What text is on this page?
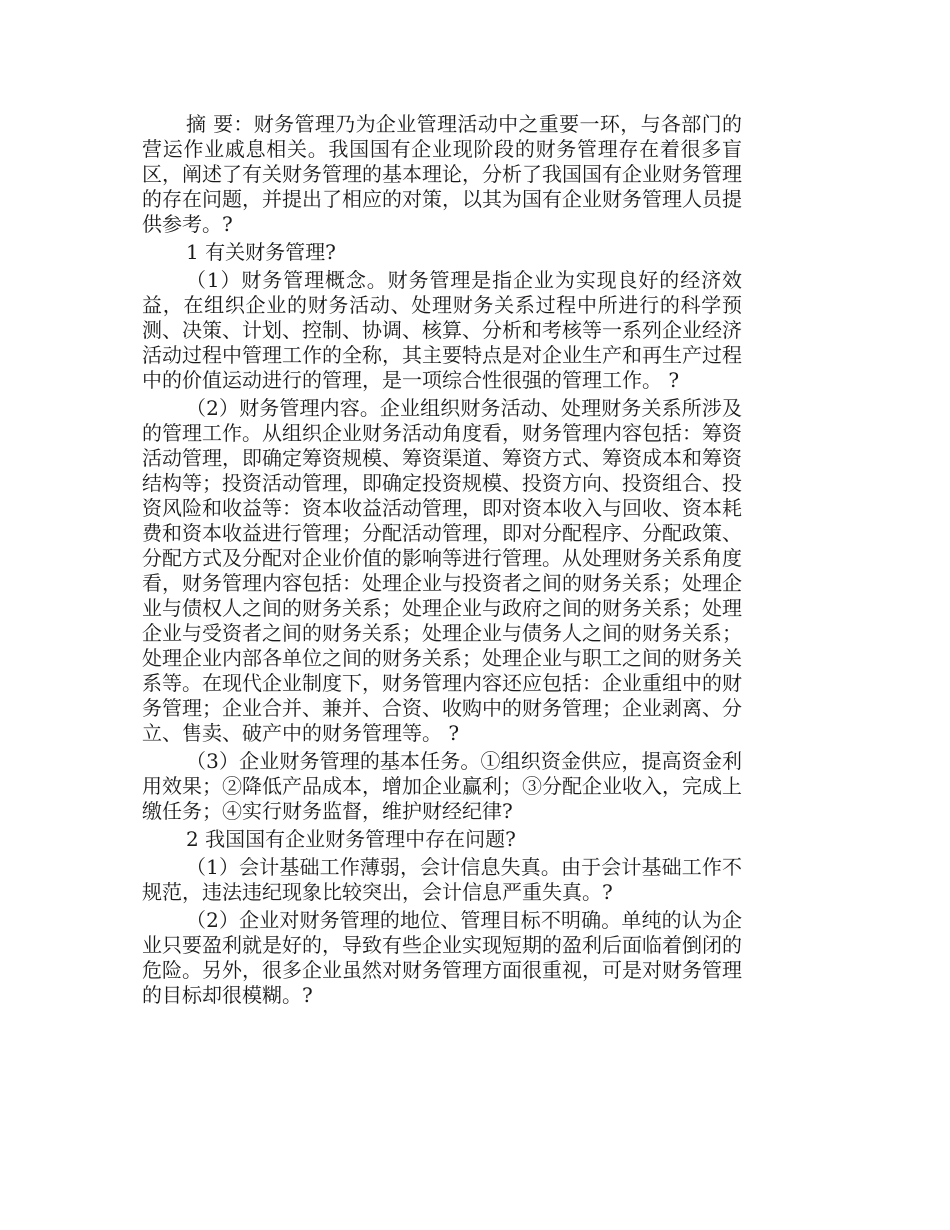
摘 要：财务管理乃为企业管理活动中之重要一环，与各部门的营运作业戚息相关。我国国有企业现阶段的财务管理存在着很多盲区，阐述了有关财务管理的基本理论，分析了我国国有企业财务管理的存在问题，并提出了相应的对策，以其为国有企业财务管理人员提供参考。?

1 有关财务管理?

（1）财务管理概念。财务管理是指企业为实现良好的经济效益，在组织企业的财务活动、处理财务关系过程中所进行的科学预测、决策、计划、控制、协调、核算、分析和考核等一系列企业经济活动过程中管理工作的全称，其主要特点是对企业生产和再生产过程中的价值运动进行的管理，是一项综合性很强的管理工作。 ?

（2）财务管理内容。企业组织财务活动、处理财务关系所涉及的管理工作。从组织企业财务活动角度看，财务管理内容包括：筹资活动管理，即确定筹资规模、筹资渠道、筹资方式、筹资成本和筹资结构等；投资活动管理，即确定投资规模、投资方向、投资组合、投资风险和收益等：资本收益活动管理，即对资本收入与回收、资本耗费和资本收益进行管理；分配活动管理，即对分配程序、分配政策、分配方式及分配对企业价值的影响等进行管理。从处理财务关系角度看，财务管理内容包括：处理企业与投资者之间的财务关系；处理企业与债权人之间的财务关系；处理企业与政府之间的财务关系；处理企业与受资者之间的财务关系；处理企业与债务人之间的财务关系；处理企业内部各单位之间的财务关系；处理企业与职工之间的财务关系等。在现代企业制度下，财务管理内容还应包括：企业重组中的财务管理；企业合并、兼并、合资、收购中的财务管理；企业剥离、分立、售卖、破产中的财务管理等。 ?

（3）企业财务管理的基本任务。①组织资金供应，提高资金利用效果；②降低产品成本，增加企业赢利；③分配企业收入，完成上缴任务；④实行财务监督，维护财经纪律?

2 我国国有企业财务管理中存在问题?

（1）会计基础工作薄弱，会计信息失真。由于会计基础工作不规范，违法违纪现象比较突出，会计信息严重失真。?

（2）企业对财务管理的地位、管理目标不明确。单纯的认为企业只要盈利就是好的，导致有些企业实现短期的盈利后面临着倒闭的危险。另外，很多企业虽然对财务管理方面很重视，可是对财务管理的目标却很模糊。?
